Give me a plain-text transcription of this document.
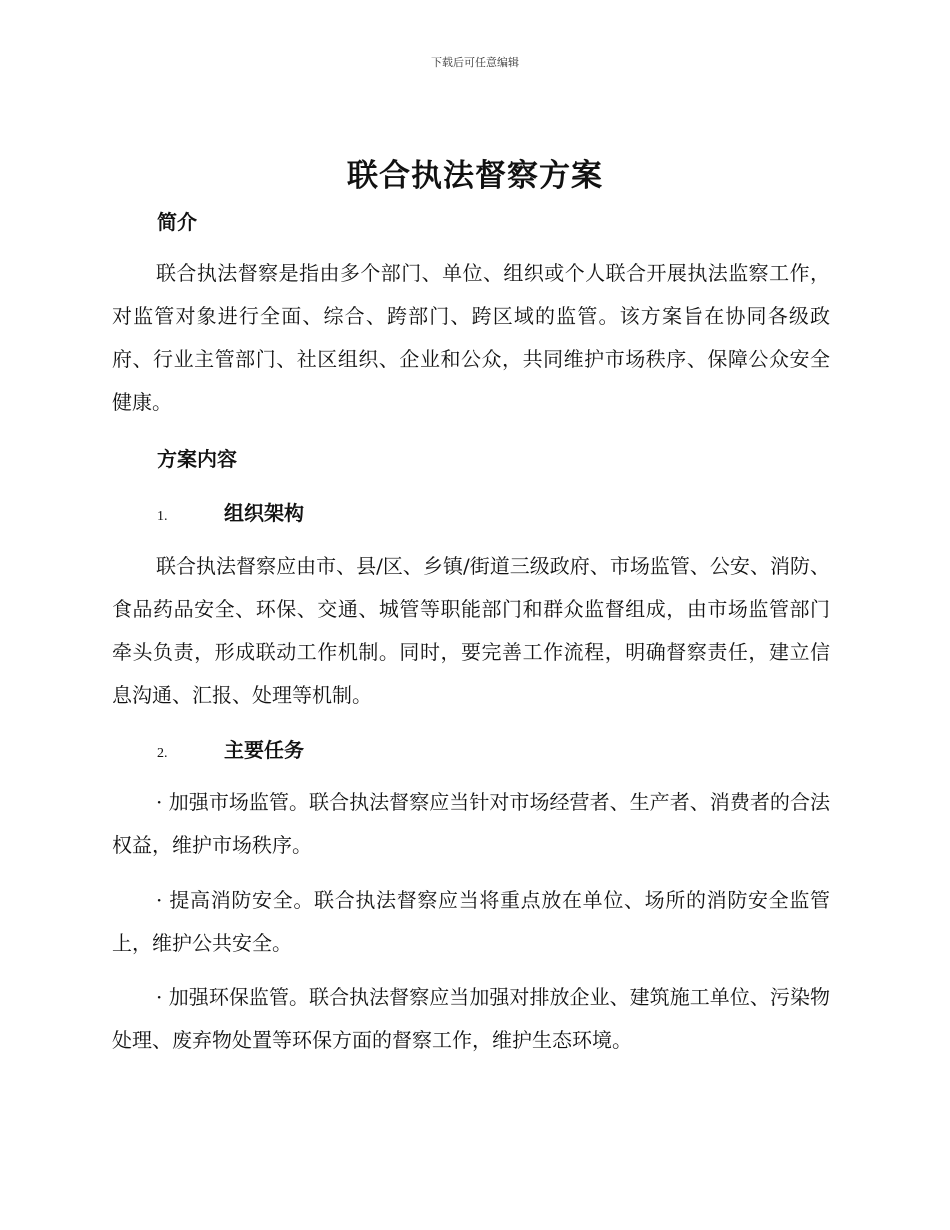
下载后可任意编辑
联合执法督察方案
简介

联合执法督察是指由多个部门、单位、组织或个人联合开展执法监察工作，对监管对象进行全面、综合、跨部门、跨区域的监管。该方案旨在协同各级政府、行业主管部门、社区组织、企业和公众，共同维护市场秩序、保障公众安全健康。

方案内容
1.	组织架构

联合执法督察应由市、县/区、乡镇/街道三级政府、市场监管、公安、消防、食品药品安全、环保、交通、城管等职能部门和群众监督组成，由市场监管部门牵头负责，形成联动工作机制。同时，要完善工作流程，明确督察责任，建立信息沟通、汇报、处理等机制。

2.	主要任务

· 加强市场监管。联合执法督察应当针对市场经营者、生产者、消费者的合法权益，维护市场秩序。

· 提高消防安全。联合执法督察应当将重点放在单位、场所的消防安全监管上，维护公共安全。

· 加强环保监管。联合执法督察应当加强对排放企业、建筑施工单位、污染物处理、废弃物处置等环保方面的督察工作，维护生态环境。
